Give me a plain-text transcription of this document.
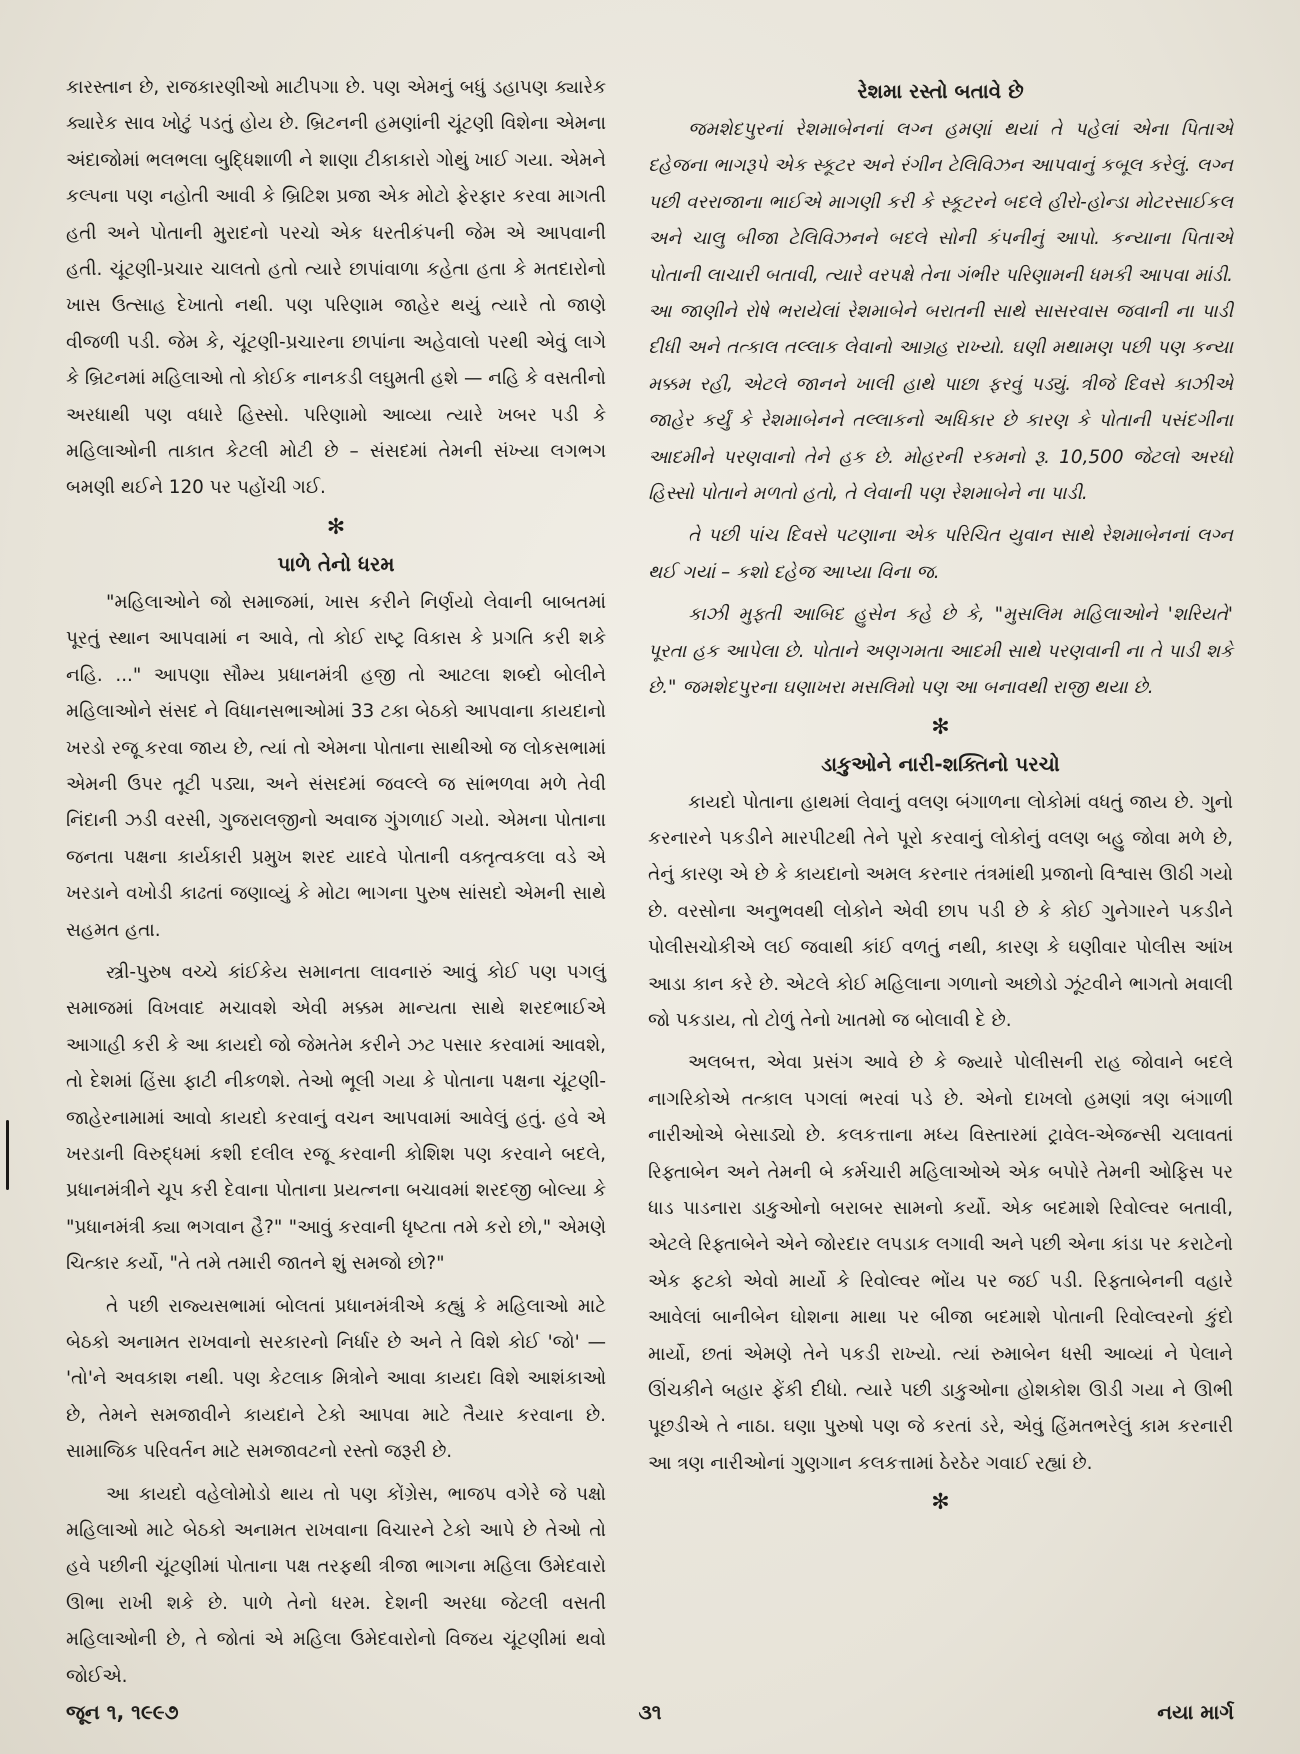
કારસ્તાન છે, રાજકારણીઓ માટીપગા છે. પણ એમનું બધું ડહાપણ ક્યારેક ક્યારેક સાવ ખોટું પડતું હોય છે. બ્રિટનની હમણાંની ચૂંટણી વિશેના એમના અંદાજોમાં ભલભલા બુદ્ધિશાળી ને શાણા ટીકાકારો ગોથું ખાઈ ગયા. એમને કલ્પના પણ નહોતી આવી કે બ્રિટિશ પ્રજા એક મોટો ફેરફાર કરવા માગતી હતી અને પોતાની મુરાદનો પરચો એક ધરતીકંપની જેમ એ આપવાની હતી. ચૂંટણી-પ્રચાર ચાલતો હતો ત્યારે છાપાંવાળા કહેતા હતા કે મતદારોનો ખાસ ઉત્સાહ દેખાતો નથી. પણ પરિણામ જાહેર થયું ત્યારે તો જાણે વીજળી પડી. જેમ કે, ચૂંટણી-પ્રચારના છાપાંના અહેવાલો પરથી એવું લાગે કે બ્રિટનમાં મહિલાઓ તો કોઈક નાનકડી લઘુમતી હશે — નહિ કે વસતીનો અરધાથી પણ વધારે હિસ્સો. પરિણામો આવ્યા ત્યારે ખબર પડી કે મહિલાઓની તાકાત કેટલી મોટી છે – સંસદમાં તેમની સંખ્યા લગભગ બમણી થઈને 120 પર પહોંચી ગઈ.

✻
પાળે તેનો ધરમ

"મહિલાઓને જો સમાજમાં, ખાસ કરીને નિર્ણયો લેવાની બાબતમાં પૂરતું સ્થાન આપવામાં ન આવે, તો કોઈ રાષ્ટ્ર વિકાસ કે પ્રગતિ કરી શકે નહિ. ..." આપણા સૌમ્ય પ્રધાનમંત્રી હજી તો આટલા શબ્દો બોલીને મહિલાઓને સંસદ ને વિધાનસભાઓમાં 33 ટકા બેઠકો આપવાના કાયદાનો ખરડો રજૂ કરવા જાય છે, ત્યાં તો એમના પોતાના સાથીઓ જ લોકસભામાં એમની ઉપર તૂટી પડ્યા, અને સંસદમાં જવલ્લે જ સાંભળવા મળે તેવી નિંદાની ઝડી વરસી, ગુજરાલજીનો અવાજ ગુંગળાઈ ગયો. એમના પોતાના જનતા પક્ષના કાર્યકારી પ્રમુખ શરદ યાદવે પોતાની વક્તૃત્વકલા વડે એ ખરડાને વખોડી કાઢતાં જણાવ્યું કે મોટા ભાગના પુરુષ સાંસદો એમની સાથે સહમત હતા.

સ્ત્રી-પુરુષ વચ્ચે કાંઈકેય સમાનતા લાવનારું આવું કોઈ પણ પગલું સમાજમાં વિખવાદ મચાવશે એવી મક્કમ માન્યતા સાથે શરદભાઈએ આગાહી કરી કે આ કાયદો જો જેમતેમ કરીને ઝટ પસાર કરવામાં આવશે, તો દેશમાં હિંસા ફાટી નીકળશે. તેઓ ભૂલી ગયા કે પોતાના પક્ષના ચૂંટણી-જાહેરનામામાં આવો કાયદો કરવાનું વચન આપવામાં આવેલું હતું. હવે એ ખરડાની વિરુદ્ધમાં કશી દલીલ રજૂ કરવાની કોશિશ પણ કરવાને બદલે, પ્રધાનમંત્રીને ચૂપ કરી દેવાના પોતાના પ્રયત્નના બચાવમાં શરદજી બોલ્યા કે "પ્રધાનમંત્રી ક્યા ભગવાન હૈ?" "આવું કરવાની ધૃષ્ટતા તમે કરો છો," એમણે ચિત્કાર કર્યો, "તે તમે તમારી જાતને શું સમજો છો?"

તે પછી રાજ્યસભામાં બોલતાં પ્રધાનમંત્રીએ કહ્યું કે મહિલાઓ માટે બેઠકો અનામત રાખવાનો સરકારનો નિર્ધાર છે અને તે વિશે કોઈ 'જો' — 'તો'ને અવકાશ નથી. પણ કેટલાક મિત્રોને આવા કાયદા વિશે આશંકાઓ છે, તેમને સમજાવીને કાયદાને ટેકો આપવા માટે તૈયાર કરવાના છે. સામાજિક પરિવર્તન માટે સમજાવટનો રસ્તો જરૂરી છે.

આ કાયદો વહેલોમોડો થાય તો પણ કોંગ્રેસ, ભાજપ વગેરે જે પક્ષો મહિલાઓ માટે બેઠકો અનામત રાખવાના વિચારને ટેકો આપે છે તેઓ તો હવે પછીની ચૂંટણીમાં પોતાના પક્ષ તરફથી ત્રીજા ભાગના મહિલા ઉમેદવારો ઊભા રાખી શકે છે. પાળે તેનો ધરમ. દેશની અરધા જેટલી વસતી મહિલાઓની છે, તે જોતાં એ મહિલા ઉમેદવારોનો વિજય ચૂંટણીમાં થવો જોઈએ.

રેશમા રસ્તો બતાવે છે

જમશેદપુરનાં રેશમાબેનનાં લગ્ન હમણાં થયાં તે પહેલાં એના પિતાએ દહેજના ભાગરૂપે એક સ્કૂટર અને રંગીન ટેલિવિઝન આપવાનું કબૂલ કરેલું. લગ્ન પછી વરરાજાના ભાઈએ માગણી કરી કે સ્કૂટરને બદલે હીરો-હોન્ડા મોટરસાઈકલ અને ચાલુ બીજા ટેલિવિઝનને બદલે સોની કંપનીનું આપો. કન્યાના પિતાએ પોતાની લાચારી બતાવી, ત્યારે વરપક્ષે તેના ગંભીર પરિણામની ધમકી આપવા માંડી. આ જાણીને રોષે ભરાયેલાં રેશમાબેને બરાતની સાથે સાસરવાસ જવાની ના પાડી દીધી અને તત્કાલ તલ્લાક લેવાનો આગ્રહ રાખ્યો. ઘણી મથામણ પછી પણ કન્યા મક્કમ રહી, એટલે જાનને ખાલી હાથે પાછા ફરવું પડ્યું. ત્રીજે દિવસે કાઝીએ જાહેર કર્યું કે રેશમાબેનને તલ્લાકનો અધિકાર છે કારણ કે પોતાની પસંદગીના આદમીને પરણવાનો તેને હક છે. મોહરની રકમનો રૂ. 10,500 જેટલો અરધો હિસ્સો પોતાને મળતો હતો, તે લેવાની પણ રેશમાબેને ના પાડી.

તે પછી પાંચ દિવસે પટણાના એક પરિચિત યુવાન સાથે રેશમાબેનનાં લગ્ન થઈ ગયાં – કશો દહેજ આપ્યા વિના જ.

કાઝી મુફ્તી આબિદ હુસેન કહે છે કે, "મુસલિમ મહિલાઓને 'શરિયતે' પૂરતા હક આપેલા છે. પોતાને અણગમતા આદમી સાથે પરણવાની ના તે પાડી શકે છે." જમશેદપુરના ઘણાખરા મસલિમો પણ આ બનાવથી રાજી થયા છે.

✻
ડાકુઓને નારી-શક્તિનો પરચો

કાયદો પોતાના હાથમાં લેવાનું વલણ બંગાળના લોકોમાં વધતું જાય છે. ગુનો કરનારને પકડીને મારપીટથી તેને પૂરો કરવાનું લોકોનું વલણ બહુ જોવા મળે છે, તેનું કારણ એ છે કે કાયદાનો અમલ કરનાર તંત્રમાંથી પ્રજાનો વિશ્વાસ ઊઠી ગયો છે. વરસોના અનુભવથી લોકોને એવી છાપ પડી છે કે કોઈ ગુનેગારને પકડીને પોલીસચોકીએ લઈ જવાથી કાંઈ વળતું નથી, કારણ કે ઘણીવાર પોલીસ આંખ આડા કાન કરે છે. એટલે કોઈ મહિલાના ગળાનો અછોડો ઝૂંટવીને ભાગતો મવાલી જો પકડાય, તો ટોળું તેનો ખાતમો જ બોલાવી દે છે.

અલબત્ત, એવા પ્રસંગ આવે છે કે જ્યારે પોલીસની રાહ જોવાને બદલે નાગરિકોએ તત્કાલ પગલાં ભરવાં પડે છે. એનો દાખલો હમણાં ત્રણ બંગાળી નારીઓએ બેસાડ્યો છે. કલકત્તાના મધ્ય વિસ્તારમાં ટ્રાવેલ-એજન્સી ચલાવતાં રિફ્તાબેન અને તેમની બે કર્મચારી મહિલાઓએ એક બપોરે તેમની ઓફિસ પર ધાડ પાડનારા ડાકુઓનો બરાબર સામનો કર્યો. એક બદમાશે રિવોલ્વર બતાવી, એટલે રિફ્તાબેને એને જોરદાર લપડાક લગાવી અને પછી એના કાંડા પર કરાટેનો એક ફટકો એવો માર્યો કે રિવોલ્વર ભોંય પર જઈ પડી. રિફ્તાબેનની વહારે આવેલાં બાનીબેન ઘોશના માથા પર બીજા બદમાશે પોતાની રિવોલ્વરનો કુંદો માર્યો, છતાં એમણે તેને પકડી રાખ્યો. ત્યાં રુમાબેન ધસી આવ્યાં ને પેલાને ઊંચકીને બહાર ફેંકી દીધો. ત્યારે પછી ડાકુઓના હોશકોશ ઊડી ગયા ને ઊભી પૂછડીએ તે નાઠા. ઘણા પુરુષો પણ જે કરતાં ડરે, એવું હિંમતભરેલું કામ કરનારી આ ત્રણ નારીઓનાં ગુણગાન કલકત્તામાં ઠેરઠેર ગવાઈ રહ્યાં છે.

✻
જૂન ૧, ૧૯૯૭	૩૧	નયા માર્ગ
